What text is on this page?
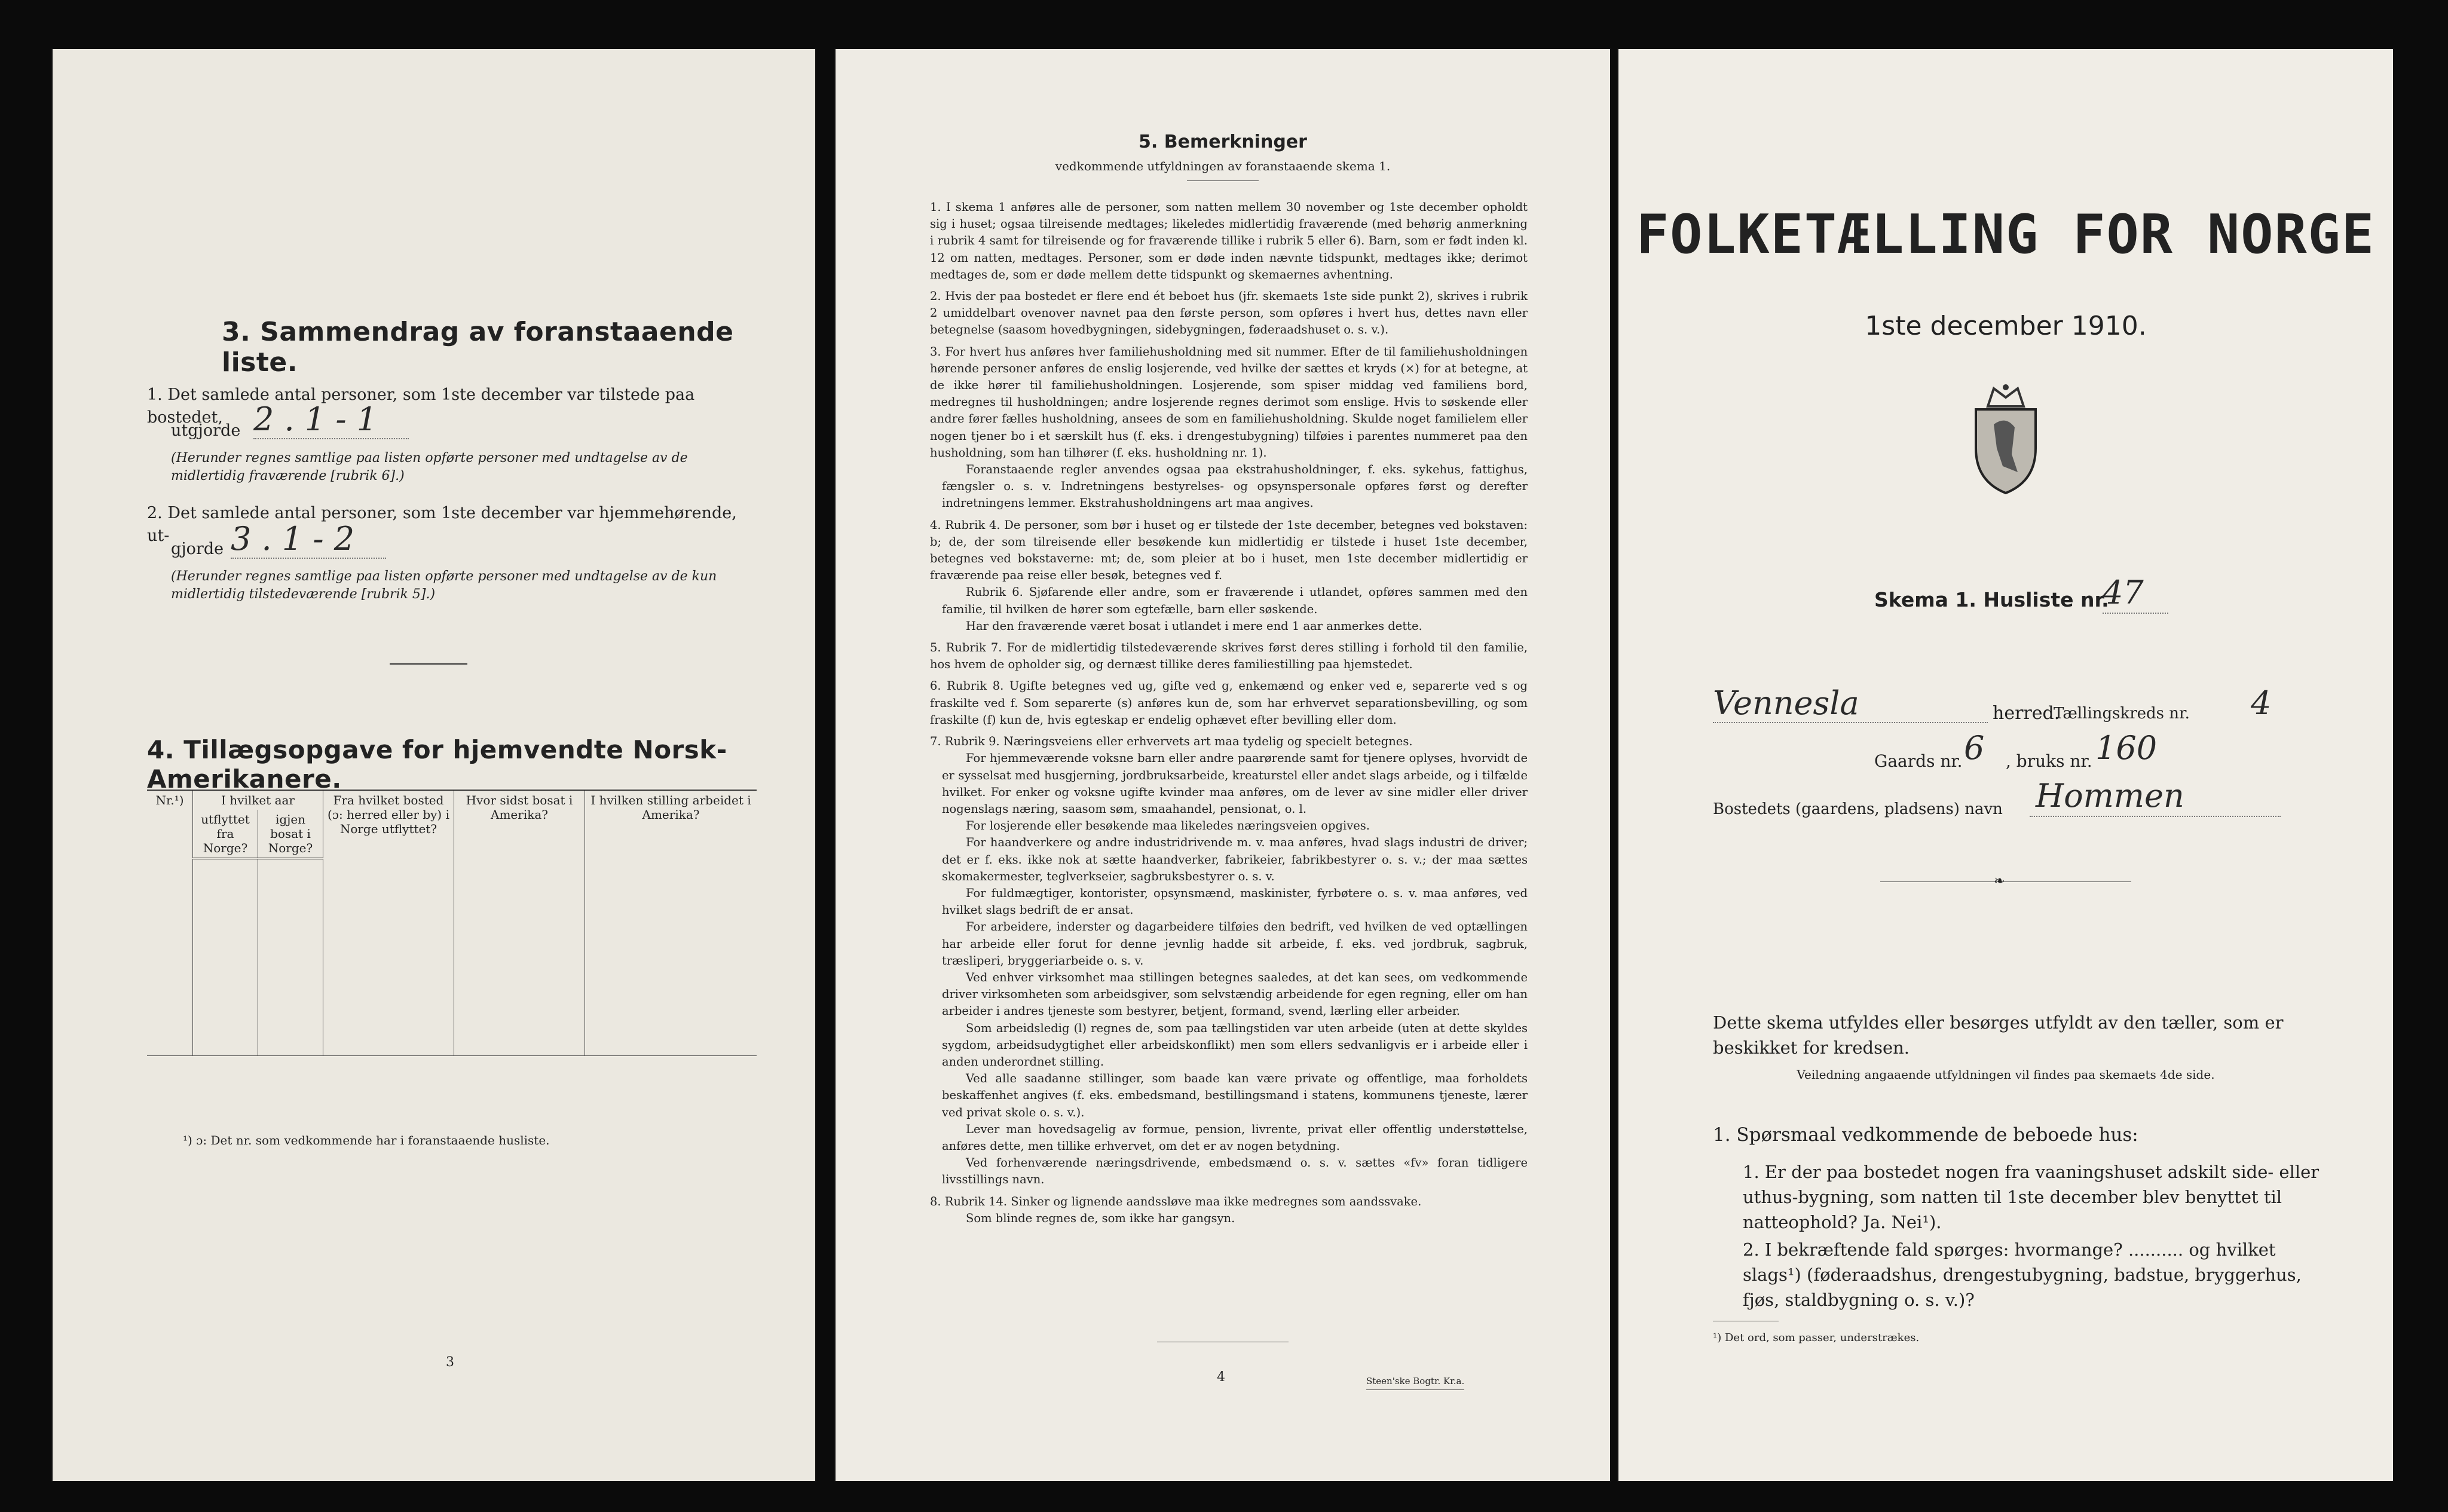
3. Sammendrag av foranstaaende liste.
1. Det samlede antal personer, som 1ste december var tilstede paa bostedet,
utgjorde 2 . 1 - 1
(Herunder regnes samtlige paa listen opførte personer med undtagelse av de midlertidig fraværende [rubrik 6].)
2. Det samlede antal personer, som 1ste december var hjemmehørende, ut-
gjorde 3 . 1 - 2
(Herunder regnes samtlige paa listen opførte personer med undtagelse av de kun midlertidig tilstedeværende [rubrik 5].)
4. Tillægsopgave for hjemvendte Norsk-Amerikanere.
Nr.¹)	I hvilket aar		Fra hvilket bosted (ɔ: herred eller by) i Norge utflyttet?	Hvor sidst bosat i Amerika?	I hvilken stilling arbeidet i Amerika?
	utflyttet fra Norge?	igjen bosat i Norge?			

¹) ɔ: Det nr. som vedkommende har i foranstaaende husliste.
3
5. Bemerkninger
vedkommende utfyldningen av foranstaaende skema 1.

1. I skema 1 anføres alle de personer, som natten mellem 30 november og 1ste december opholdt sig i huset; ogsaa tilreisende medtages; likeledes midlertidig fraværende (med behørig anmerkning i rubrik 4 samt for tilreisende og for fraværende tillike i rubrik 5 eller 6). Barn, som er født inden kl. 12 om natten, medtages. Personer, som er døde inden nævnte tidspunkt, medtages ikke; derimot medtages de, som er døde mellem dette tidspunkt og skemaernes avhentning.

2. Hvis der paa bostedet er flere end ét beboet hus (jfr. skemaets 1ste side punkt 2), skrives i rubrik 2 umiddelbart ovenover navnet paa den første person, som opføres i hvert hus, dettes navn eller betegnelse (saasom hovedbygningen, sidebygningen, føderaadshuset o. s. v.).

3. For hvert hus anføres hver familiehusholdning med sit nummer. Efter de til familiehusholdningen hørende personer anføres de enslig losjerende, ved hvilke der sættes et kryds (×) for at betegne, at de ikke hører til familiehusholdningen. Losjerende, som spiser middag ved familiens bord, medregnes til husholdningen; andre losjerende regnes derimot som enslige. Hvis to søskende eller andre fører fælles husholdning, ansees de som en familiehusholdning. Skulde noget familielem eller nogen tjener bo i et særskilt hus (f. eks. i drengestubygning) tilføies i parentes nummeret paa den husholdning, som han tilhører (f. eks. husholdning nr. 1).

Foranstaaende regler anvendes ogsaa paa ekstrahusholdninger, f. eks. sykehus, fattighus, fængsler o. s. v. Indretningens bestyrelses- og opsynspersonale opføres først og derefter indretningens lemmer. Ekstrahusholdningens art maa angives.

4. Rubrik 4. De personer, som bør i huset og er tilstede der 1ste december, betegnes ved bokstaven: b; de, der som tilreisende eller besøkende kun midlertidig er tilstede i huset 1ste december, betegnes ved bokstaverne: mt; de, som pleier at bo i huset, men 1ste december midlertidig er fraværende paa reise eller besøk, betegnes ved f.

Rubrik 6. Sjøfarende eller andre, som er fraværende i utlandet, opføres sammen med den familie, til hvilken de hører som egtefælle, barn eller søskende.

Har den fraværende været bosat i utlandet i mere end 1 aar anmerkes dette.

5. Rubrik 7. For de midlertidig tilstedeværende skrives først deres stilling i forhold til den familie, hos hvem de opholder sig, og dernæst tillike deres familiestilling paa hjemstedet.

6. Rubrik 8. Ugifte betegnes ved ug, gifte ved g, enkemænd og enker ved e, separerte ved s og fraskilte ved f. Som separerte (s) anføres kun de, som har erhvervet separationsbevilling, og som fraskilte (f) kun de, hvis egteskap er endelig ophævet efter bevilling eller dom.

7. Rubrik 9. Næringsveiens eller erhvervets art maa tydelig og specielt betegnes.

For hjemmeværende voksne barn eller andre paarørende samt for tjenere oplyses, hvorvidt de er sysselsat med husgjerning, jordbruksarbeide, kreaturstel eller andet slags arbeide, og i tilfælde hvilket. For enker og voksne ugifte kvinder maa anføres, om de lever av sine midler eller driver nogenslags næring, saasom søm, smaahandel, pensionat, o. l.

For losjerende eller besøkende maa likeledes næringsveien opgives.

For haandverkere og andre industridrivende m. v. maa anføres, hvad slags industri de driver; det er f. eks. ikke nok at sætte haandverker, fabrikeier, fabrikbestyrer o. s. v.; der maa sættes skomakermester, teglverkseier, sagbruksbestyrer o. s. v.

For fuldmægtiger, kontorister, opsynsmænd, maskinister, fyrbøtere o. s. v. maa anføres, ved hvilket slags bedrift de er ansat.

For arbeidere, inderster og dagarbeidere tilføies den bedrift, ved hvilken de ved optællingen har arbeide eller forut for denne jevnlig hadde sit arbeide, f. eks. ved jordbruk, sagbruk, træsliperi, bryggeriarbeide o. s. v.

Ved enhver virksomhet maa stillingen betegnes saaledes, at det kan sees, om vedkommende driver virksomheten som arbeidsgiver, som selvstændig arbeidende for egen regning, eller om han arbeider i andres tjeneste som bestyrer, betjent, formand, svend, lærling eller arbeider.

Som arbeidsledig (l) regnes de, som paa tællingstiden var uten arbeide (uten at dette skyldes sygdom, arbeidsudygtighet eller arbeidskonflikt) men som ellers sedvanligvis er i arbeide eller i anden underordnet stilling.

Ved alle saadanne stillinger, som baade kan være private og offentlige, maa forholdets beskaffenhet angives (f. eks. embedsmand, bestillingsmand i statens, kommunens tjeneste, lærer ved privat skole o. s. v.).

Lever man hovedsagelig av formue, pension, livrente, privat eller offentlig understøttelse, anføres dette, men tillike erhvervet, om det er av nogen betydning.

Ved forhenværende næringsdrivende, embedsmænd o. s. v. sættes «fv» foran tidligere livsstillings navn.

8. Rubrik 14. Sinker og lignende aandssløve maa ikke medregnes som aandssvake.

Som blinde regnes de, som ikke har gangsyn.

4	Steen'ske Bogtr. Kr.a.
FOLKETÆLLING FOR NORGE
1ste december 1910.
Skema 1. Husliste nr.
47
Vennesla	herred.
Tællingskreds nr. 4
Gaards nr. 6 , bruks nr. 160
Bostedets (gaardens, pladsens) navn Hommen
❧
Dette skema utfyldes eller besørges utfyldt av den tæller, som er beskikket for kredsen.
Veiledning angaaende utfyldningen vil findes paa skemaets 4de side.
1. Spørsmaal vedkommende de beboede hus:
1. Er der paa bostedet nogen fra vaaningshuset adskilt side- eller uthus-bygning, som natten til 1ste december blev benyttet til natteophold? Ja. Nei¹).
2. I bekræftende fald spørges: hvormange? .......... og hvilket slags¹) (føderaadshus, drengestubygning, badstue, bryggerhus, fjøs, staldbygning o. s. v.)?
¹) Det ord, som passer, understrækes.
